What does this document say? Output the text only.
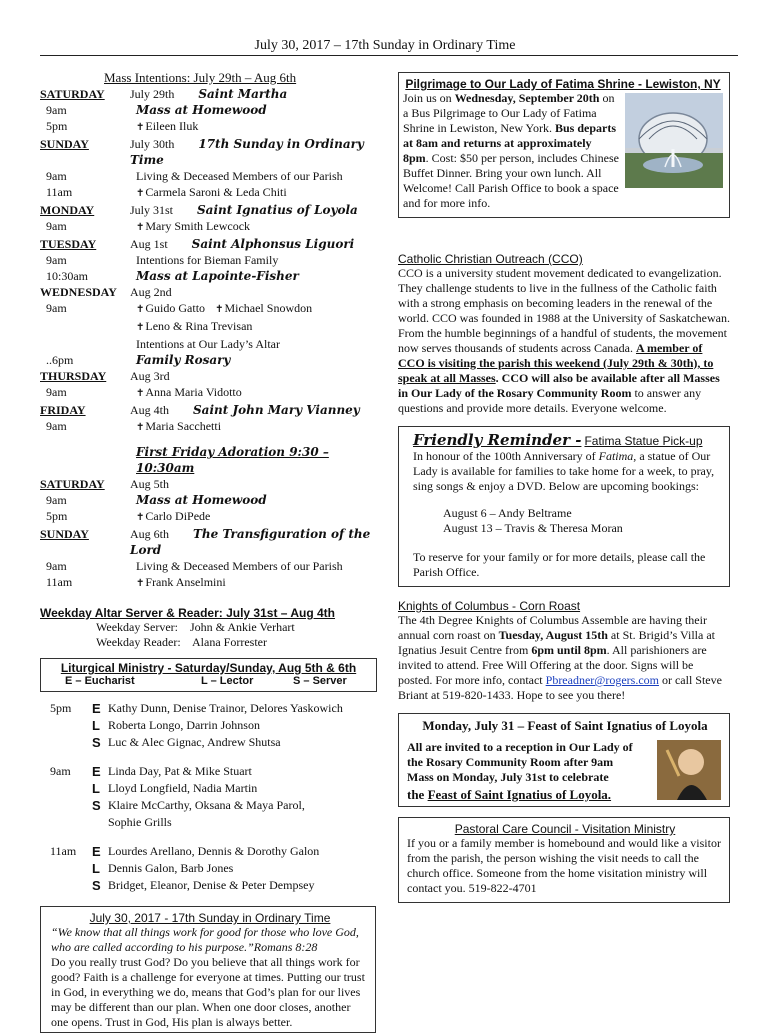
July 30, 2017 – 17th Sunday in Ordinary Time
Mass Intentions: July 29th – Aug 6th
SATURDAY	July 29th Saint Martha
9am	Mass at Homewood
5pm	✝ Eileen Iluk
SUNDAY	July 30th 17th Sunday in Ordinary Time
9am	Living & Deceased Members of our Parish
11am	✝ Carmela Saroni & Leda Chiti
MONDAY	July 31st Saint Ignatius of Loyola
9am	✝ Mary Smith Lewcock
TUESDAY	Aug 1st Saint Alphonsus Liguori
9am	Intentions for Bieman Family
10:30am	Mass at Lapointe-Fisher
WEDNESDAY	Aug 2nd
9am	✝ Guido Gatto ✝ Michael Snowdon
✝ Leno & Rina Trevisan
Intentions at Our Lady’s Altar
..6pm	Family Rosary
THURSDAY	Aug 3rd
9am	✝ Anna Maria Vidotto
FRIDAY	Aug 4th Saint John Mary Vianney
9am	✝ Maria Sacchetti
First Friday Adoration 9:30 – 10:30am
SATURDAY	Aug 5th
9am	Mass at Homewood
5pm	✝ Carlo DiPede
SUNDAY	Aug 6th The Transfiguration of the Lord
9am	Living & Deceased Members of our Parish
11am	✝ Frank Anselmini
Weekday Altar Server & Reader: July 31st – Aug 4th
Weekday Server: John & Ankie Verhart
Weekday Reader: Alana Forrester
Liturgical Ministry - Saturday/Sunday, Aug 5th & 6th
E – Eucharist	L – Lector	S – Server
5pm	E Kathy Dunn, Denise Trainor, Delores Yaskowich
L Roberta Longo, Darrin Johnson
S Luc & Alec Gignac, Andrew Shutsa
9am	E Linda Day, Pat & Mike Stuart
L Lloyd Longfield, Nadia Martin
S Klaire McCarthy, Oksana & Maya Parol,
Sophie Grills
11am	E Lourdes Arellano, Dennis & Dorothy Galon
L Dennis Galon, Barb Jones
S Bridget, Eleanor, Denise & Peter Dempsey
July 30, 2017 - 17th Sunday in Ordinary Time
“We know that all things work for good for those who love God, who are called according to his purpose.”Romans 8:28
Do you really trust God? Do you believe that all things work for good? Faith is a challenge for everyone at times. Putting our trust in God, in everything we do, means that God’s plan for our lives may be different than our plan. When one door closes, another one opens. Trust in God, His plan is always better.
Pilgrimage to Our Lady of Fatima Shrine - Lewiston, NY
Join us on Wednesday, September 20th on a Bus Pilgrimage to Our Lady of Fatima Shrine in Lewiston, New York. Bus departs at 8am and returns at approximately 8pm. Cost: $50 per person, includes Chinese Buffet Dinner. Bring your own lunch. All Welcome! Call Parish Office to book a space and for more info.
Catholic Christian Outreach (CCO)
CCO is a university student movement dedicated to evangelization. They challenge students to live in the fullness of the Catholic faith with a strong emphasis on becoming leaders in the renewal of the world. CCO was founded in 1988 at the University of Saskatchewan. From the humble beginnings of a handful of students, the movement now serves thousands of students across Canada. A member of CCO is visiting the parish this weekend (July 29th & 30th), to speak at all Masses. CCO will also be available after all Masses in Our Lady of the Rosary Community Room to answer any questions and provide more details. Everyone welcome.
Friendly Reminder - Fatima Statue Pick-up
In honour of the 100th Anniversary of Fatima, a statue of Our Lady is available for families to take home for a week, to pray, sing songs & enjoy a DVD. Below are upcoming bookings:
August 6 – Andy Beltrame
August 13 – Travis & Theresa Moran
To reserve for your family or for more details, please call the Parish Office.
Knights of Columbus - Corn Roast
The 4th Degree Knights of Columbus Assemble are having their annual corn roast on Tuesday, August 15th at St. Brigid’s Villa at Ignatius Jesuit Centre from 6pm until 8pm. All parishioners are invited to attend. Free Will Offering at the door. Signs will be posted. For more info, contact Pbreadner@rogers.com or call Steve Briant at 519-820-1433. Hope to see you there!
Monday, July 31 – Feast of Saint Ignatius of Loyola
All are invited to a reception in Our Lady of the Rosary Community Room after 9am Mass on Monday, July 31st to celebrate
the Feast of Saint Ignatius of Loyola.
Pastoral Care Council - Visitation Ministry
If you or a family member is homebound and would like a visitor from the parish, the person wishing the visit needs to call the church office. Someone from the home visitation ministry will contact you. 519-822-4701
